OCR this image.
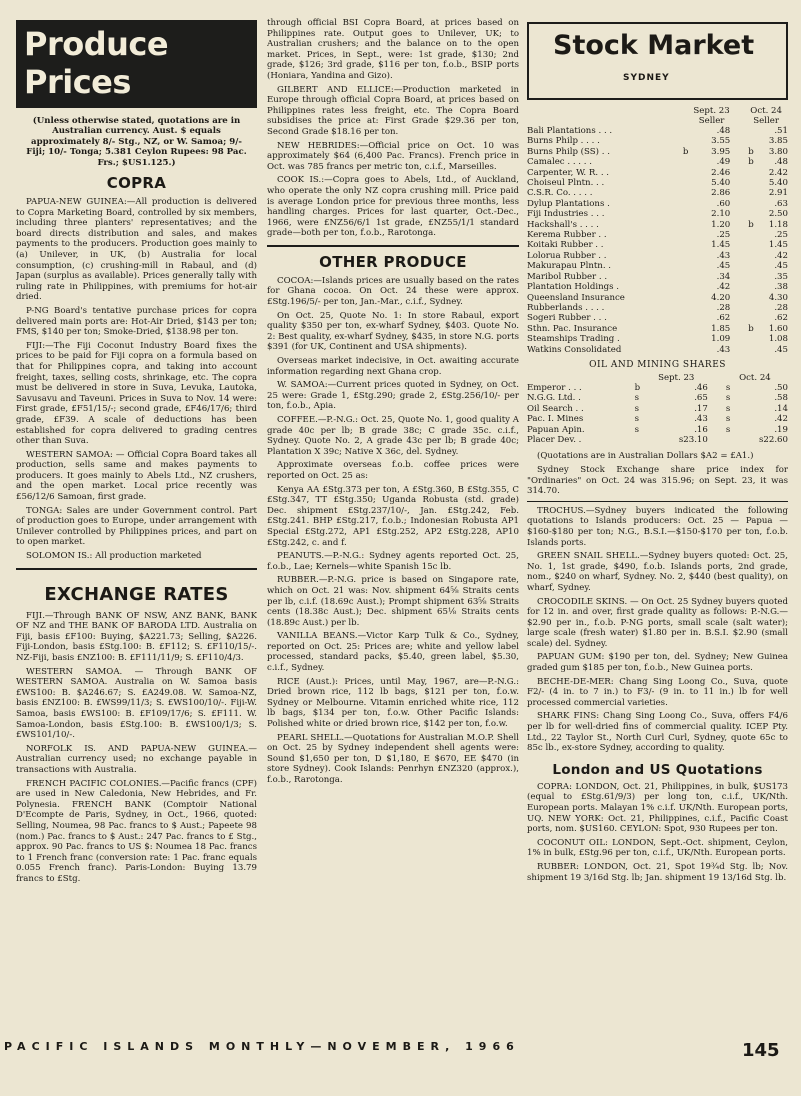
Produce Prices

(Unless otherwise stated, quotations are in Australian currency. Aust. $ equals approximately 8/- Stg., NZ, or W. Samoa; 9/- Fiji; 10/- Tonga; 5.381 Ceylon Rupees: 98 Pac. Frs.; $US1.125.)

COPRA

PAPUA-NEW GUINEA:—All production is delivered to Copra Marketing Board, controlled by six members, including three planters' representatives; and the board directs distribution and sales, and makes payments to the producers. Production goes mainly to (a) Unilever, in UK, (b) Australia for local consumption, (c) crushing-mill in Rabaul, and (d) Japan (surplus as available). Prices generally tally with ruling rate in Philippines, with premiums for hot-air dried.

P-NG Board's tentative purchase prices for copra delivered main ports are: Hot-Air Dried, $143 per ton; FMS, $140 per ton; Smoke-Dried, $138.98 per ton.

FIJI:—The Fiji Coconut Industry Board fixes the prices to be paid for Fiji copra on a formula based on that for Philippines copra, and taking into account freight, taxes, selling costs, shrinkage, etc. The copra must be delivered in store in Suva, Levuka, Lautoka, Savusavu and Taveuni. Prices in Suva to Nov. 14 were: First grade, £F51/15/-; second grade, £F46/17/6; third grade, £F39. A scale of deductions has been established for copra delivered to grading centres other than Suva.

WESTERN SAMOA: — Official Copra Board takes all production, sells same and makes payments to producers. It goes mainly to Abels Ltd., NZ crushers, and the open market. Local price recently was £56/12/6 Samoan, first grade.

TONGA: Sales are under Government control. Part of production goes to Europe, under arrangement with Unilever controlled by Philippines prices, and part on to open market.

SOLOMON IS.: All production marketed

EXCHANGE RATES

FIJI.—Through BANK OF NSW, ANZ BANK, BANK OF NZ and THE BANK OF BARODA LTD. Australia on Fiji, basis £F100: Buying, $A221.73; Selling, $A226. Fiji-London, basis £Stg.100: B. £F112; S. £F110/15/-. NZ-Fiji, basis £NZ100: B. £F111/11/9; S. £F110/4/3.

WESTERN SAMOA. — Through BANK OF WESTERN SAMOA. Australia on W. Samoa basis £WS100: B. $A246.67; S. £A249.08. W. Samoa-NZ, basis £NZ100: B. £WS99/11/3; S. £WS100/10/-. Fiji-W. Samoa, basis £WS100: B. £F109/17/6; S. £F111. W. Samoa-London, basis £Stg.100: B. £WS100/1/3; S. £WS101/10/-.

NORFOLK IS. AND PAPUA-NEW GUINEA.—Australian currency used; no exchange payable in transactions with Australia.

FRENCH PACIFIC COLONIES.—Pacific francs (CPF) are used in New Caledonia, New Hebrides, and Fr. Polynesia. FRENCH BANK (Comptoir National D'Ecompte de Paris, Sydney, in Oct., 1966, quoted: Selling, Noumea, 98 Pac. francs to $ Aust.; Papeete 98 (nom.) Pac. francs to $ Aust.: 247 Pac. francs to £ Stg., approx. 90 Pac. francs to US $: Noumea 18 Pac. francs to 1 French franc (conversion rate: 1 Pac. franc equals 0.055 French franc). Paris-London: Buying 13.79 francs to £Stg.

through official BSI Copra Board, at prices based on Philippines rate. Output goes to Unilever, UK; to Australian crushers; and the balance on to the open market. Prices, in Sept., were: 1st grade, $130; 2nd grade, $126; 3rd grade, $116 per ton, f.o.b., BSIP ports (Honiara, Yandina and Gizo).

GILBERT AND ELLICE:—Production marketed in Europe through official Copra Board, at prices based on Philippines rates less freight, etc. The Copra Board subsidises the price at: First Grade $29.36 per ton, Second Grade $18.16 per ton.

NEW HEBRIDES:—Official price on Oct. 10 was approximately $64 (6,400 Pac. Francs). French price in Oct. was 785 francs per metric ton, c.i.f., Marseilles.

COOK IS.:—Copra goes to Abels, Ltd., of Auckland, who operate the only NZ copra crushing mill. Price paid is average London price for previous three months, less handling charges. Prices for last quarter, Oct.-Dec., 1966, were £NZ56/6/1 1st grade, £NZ55/1/1 standard grade—both per ton, f.o.b., Rarotonga.

OTHER PRODUCE

COCOA:—Islands prices are usually based on the rates for Ghana cocoa. On Oct. 24 these were approx. £Stg.196/5/- per ton, Jan.-Mar., c.i.f., Sydney.

On Oct. 25, Quote No. 1: In store Rabaul, export quality $350 per ton, ex-wharf Sydney, $403. Quote No. 2: Best quality, ex-wharf Sydney, $435, in store N.G. ports $391 (for UK, Continent and USA shipments).

Overseas market indecisive, in Oct. awaiting accurate information regarding next Ghana crop.

W. SAMOA:—Current prices quoted in Sydney, on Oct. 25 were: Grade 1, £Stg.290; grade 2, £Stg.256/10/- per ton, f.o.b., Apia.

COFFEE.—P.-N.G.: Oct. 25, Quote No. 1, good quality A grade 40c per lb; B grade 38c; C grade 35c. c.i.f., Sydney. Quote No. 2, A grade 43c per lb; B grade 40c; Plantation X 39c; Native X 36c, del. Sydney.

Approximate overseas f.o.b. coffee prices were reported on Oct. 25 as:

Kenya AA £Stg.373 per ton, A £Stg.360, B £Stg.355, C £Stg.347, TT £Stg.350; Uganda Robusta (std. grade) Dec. shipment £Stg.237/10/-, Jan. £Stg.242, Feb. £Stg.241. BHP £Stg.217, f.o.b.; Indonesian Robusta AP1 Special £Stg.272, AP1 £Stg.252, AP2 £Stg.228, AP10 £Stg.242, c. and f.

PEANUTS.—P.-N.G.: Sydney agents reported Oct. 25, f.o.b., Lae; Kernels—white Spanish 15c lb.

RUBBER.—P.-N.G. price is based on Singapore rate, which on Oct. 21 was: Nov. shipment 64⅝ Straits cents per lb, c.i.f. (18.69c Aust.); Prompt shipment 63⅝ Straits cents (18.38c Aust.); Dec. shipment 65⅛ Straits cents (18.89c Aust.) per lb.

VANILLA BEANS.—Victor Karp Tulk & Co., Sydney, reported on Oct. 25: Prices are; white and yellow label processed, standard packs, $5.40, green label, $5.30, c.i.f., Sydney.

RICE (Aust.): Prices, until May, 1967, are—P.-N.G.: Dried brown rice, 112 lb bags, $121 per ton, f.o.w. Sydney or Melbourne. Vitamin enriched white rice, 112 lb bags, $134 per ton, f.o.w. Other Pacific Islands: Polished white or dried brown rice, $142 per ton, f.o.w.

PEARL SHELL.—Quotations for Australian M.O.P. Shell on Oct. 25 by Sydney independent shell agents were: Sound $1,650 per ton, D $1,180, E $670, EE $470 (in store Sydney). Cook Islands: Penrhyn £NZ320 (approx.), f.o.b., Rarotonga.

Stock Market
SYDNEY
	Sept. 23		Oct. 24	
	Seller		Seller	
Bali Plantations . . .		.48		.51
Burns Philp . . . .		3.55		3.85
Burns Philp (SS) . .	b	3.95	b	3.80
Camalec . . . . .		.49	b	.48
Carpenter, W. R. . .		2.46		2.42
Choiseul Plntn. . .		5.40		5.40
C.S.R. Co. . . . .		2.86		2.91
Dylup Plantations .		.60		.63
Fiji Industries . . .		2.10		2.50
Hackshall's . . . .		1.20	b	1.18
Kerema Rubber . .		.25		.25
Koitaki Rubber . .		1.45		1.45
Lolorua Rubber . .		.43		.42
Makurapau Plntn. .		.45		.45
Maribol Rubber . .		.34		.35
Plantation Holdings .		.42		.38
Queensland Insurance		4.20		4.30
Rubberlands . . . .		.28		.28
Sogeri Rubber . . .		.62		.62
Sthn. Pac. Insurance		1.85	b	1.60
Steamships Trading .		1.09		1.08
Watkins Consolidated		.43		.45
OIL AND MINING SHARES
	Sept. 23		Oct. 24	
Emperor . . .	b	.46	s	.50
N.G.G. Ltd. .	s	.65	s	.58
Oil Search . .	s	.17	s	.14
Pac. I. Mines	s	.43	s	.42
Papuan Apin.	s	.16	s	.19
Placer Dev. .		s23.10		s22.60

(Quotations are in Australian Dollars $A2 = £A1.)

Sydney Stock Exchange share price index for "Ordinaries" on Oct. 24 was 315.96; on Sept. 23, it was 314.70.

TROCHUS.—Sydney buyers indicated the following quotations to Islands producers: Oct. 25 — Papua — $160-$180 per ton; N.G., B.S.I.—$150-$170 per ton, f.o.b. Islands ports.

GREEN SNAIL SHELL.—Sydney buyers quoted: Oct. 25, No. 1, 1st grade, $490, f.o.b. Islands ports, 2nd grade, nom., $240 on wharf, Sydney. No. 2, $440 (best quality), on wharf, Sydney.

CROCODILE SKINS. — On Oct. 25 Sydney buyers quoted for 12 in. and over, first grade quality as follows: P.-N.G.— $2.90 per in., f.o.b. P-NG ports, small scale (salt water); large scale (fresh water) $1.80 per in. B.S.I. $2.90 (small scale) del. Sydney.

PAPUAN GUM: $190 per ton, del. Sydney; New Guinea graded gum $185 per ton, f.o.b., New Guinea ports.

BECHE-DE-MER: Chang Sing Loong Co., Suva, quote F2/- (4 in. to 7 in.) to F3/- (9 in. to 11 in.) lb for well processed commercial varieties.

SHARK FINS: Chang Sing Loong Co., Suva, offers F4/6 per lb for well-dried fins of commercial quality. ICEP Pty. Ltd., 22 Taylor St., North Curl Curl, Sydney, quote 65c to 85c lb., ex-store Sydney, according to quality.

London and US Quotations

COPRA: LONDON, Oct. 21, Philippines, in bulk, $US173 (equal to £Stg.61/9/3) per long ton, c.i.f., UK/Nth. European ports. Malayan 1% c.i.f. UK/Nth. European ports, UQ. NEW YORK: Oct. 21, Philippines, c.i.f., Pacific Coast ports, nom. $US160. CEYLON: Spot, 930 Rupees per ton.

COCONUT OIL: LONDON, Sept.-Oct. shipment, Ceylon, 1% in bulk, £Stg.96 per ton, c.i.f., UK/Nth. European ports.

RUBBER: LONDON, Oct. 21, Spot 19¾d Stg. lb; Nov. shipment 19 3/16d Stg. lb; Jan. shipment 19 13/16d Stg. lb.

PACIFIC ISLANDS MONTHLY—NOVEMBER, 1966	145
